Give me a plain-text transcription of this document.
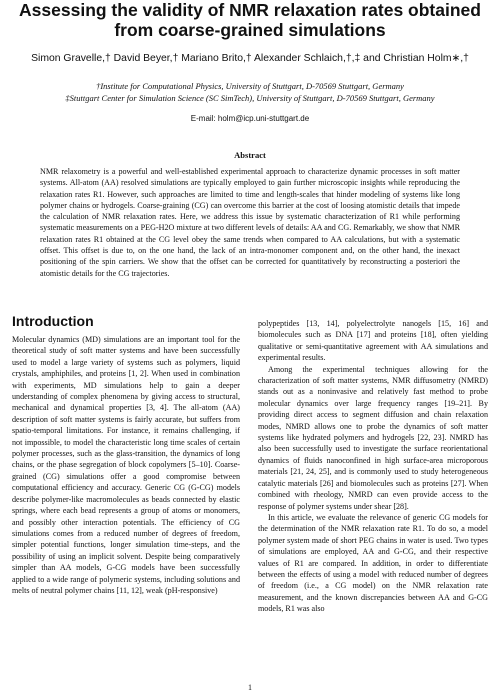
Assessing the validity of NMR relaxation rates obtained
from coarse-grained simulations
Simon Gravelle,† David Beyer,† Mariano Brito,† Alexander Schlaich,†,‡ and Christian Holm∗,†
†Institute for Computational Physics, University of Stuttgart, D-70569 Stuttgart, Germany
‡Stuttgart Center for Simulation Science (SC SimTech), University of Stuttgart, D-70569 Stuttgart, Germany
E-mail: holm@icp.uni-stuttgart.de
Abstract

NMR relaxometry is a powerful and well-established experimental approach to characterize dynamic processes in soft matter systems. All-atom (AA) resolved simulations are typically employed to gain further microscopic insights while reproducing the relaxation rates R1. However, such approaches are limited to time and length-scales that hinder modeling of systems like long polymer chains or hydrogels. Coarse-graining (CG) can overcome this barrier at the cost of loosing atomistic details that impede the calculation of NMR relaxation rates. Here, we address this issue by systematic characterization of R1 while performing systematic measurements on a PEG-H2O mixture at two different levels of details: AA and CG. Remarkably, we show that NMR relaxation rates R1 obtained at the CG level obey the same trends when compared to AA calculations, but with a systematic offset. This offset is due to, on the one hand, the lack of an intra-monomer component and, on the other hand, the inexact positioning of the spin carriers. We show that the offset can be corrected for quantitatively by reconstructing a posteriori the atomistic details for the CG trajectories.

Introduction

Molecular dynamics (MD) simulations are an important tool for the theoretical study of soft matter systems and have been successfully used to model a large variety of systems such as polymers, liquid crystals, amphiphiles, and proteins [1, 2]. When used in combination with experiments, MD simulations help to gain a deeper understanding of complex phenomena by giving access to structural, mechanical and dynamical properties [3, 4]. The all-atom (AA) description of soft matter systems is fairly accurate, but suffers from spatio-temporal limitations. For instance, it remains challenging, if not impossible, to model the characteristic long time scales of certain polymer processes, such as the glass-transition, the dynamics of long chains, or the phase segregation of block copolymers [5–10]. Coarse-grained (CG) simulations offer a good compromise between computational efficiency and accuracy. Generic CG (G-CG) models describe polymer-like macromolecules as beads connected by elastic springs, where each bead represents a group of atoms or monomers, and possibly other interaction potentials. The efficiency of CG simulations comes from a reduced number of degrees of freedom, simpler potential functions, longer simulation time-steps, and the possibility of using an implicit solvent. Despite being comparatively simpler than AA models, G-CG models have been successfully applied to a wide range of polymeric systems, including solutions and melts of neutral polymer chains [11, 12], weak (pH-responsive)

polypeptides [13, 14], polyelectrolyte nanogels [15, 16] and biomolecules such as DNA [17] and proteins [18], often yielding qualitative or semi-quantitative agreement with AA simulations and experimental results.

Among the experimental techniques allowing for the characterization of soft matter systems, NMR diffusometry (NMRD) stands out as a noninvasive and relatively fast method to probe molecular dynamics over large frequency ranges [19–21]. By providing direct access to segment diffusion and chain relaxation modes, NMRD allows one to probe the dynamics of soft matter systems like hydrated polymers and hydrogels [22, 23]. NMRD has also been successfully used to investigate the surface reorientational dynamics of fluids nanoconfined in high surface-area microporous materials [21, 24, 25], and is commonly used to study heterogeneous catalytic materials [26] and biomolecules such as proteins [27]. When combined with rheology, NMRD can even provide access to the response of polymer systems under shear [28].

In this article, we evaluate the relevance of generic CG models for the determination of the NMR relaxation rate R1. To do so, a model polymer system made of short PEG chains in water is used. Two types of simulations are employed, AA and G-CG, and their respective values of R1 are compared. In addition, in order to differentiate between the effects of using a model with reduced number of degrees of freedom (i.e., a CG model) on the NMR relaxation rate measurement, and the known discrepancies between AA and G-CG models, R1 was also

1
